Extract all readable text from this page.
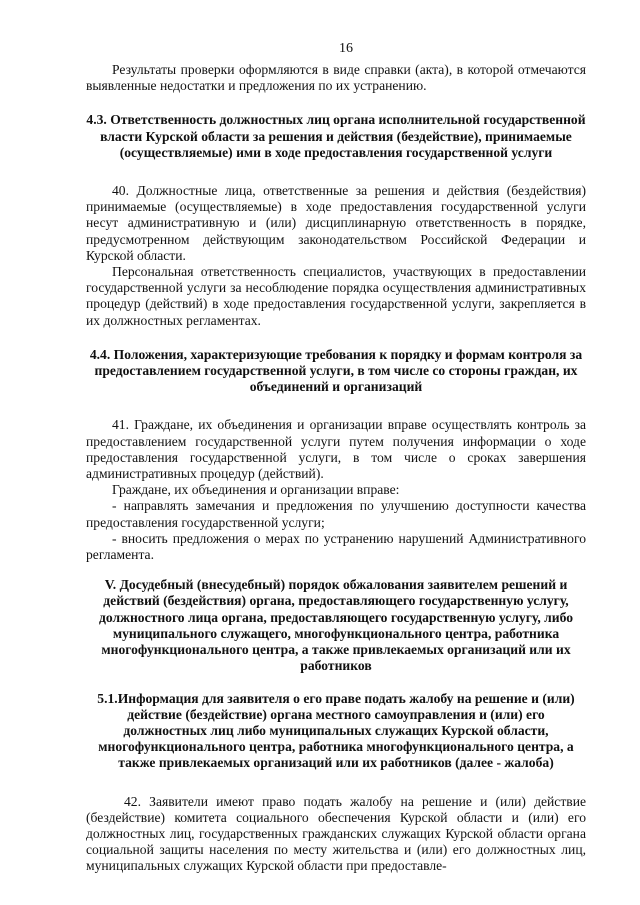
16

Результаты проверки оформляются в виде справки (акта), в которой отмечаются выявленные недостатки и предложения по их устранению.

4.3. Ответственность должностных лиц органа исполнительной государственной власти Курской области за решения и действия (бездействие), принимаемые (осуществляемые) ими в ходе предоставления государственной услуги

40. Должностные лица, ответственные за решения и действия (бездействия) принимаемые (осуществляемые) в ходе предоставления государственной услуги несут административную и (или) дисциплинарную ответственность в порядке, предусмотренном действующим законодательством Российской Федерации и Курской области.

Персональная ответственность специалистов, участвующих в предоставлении государственной услуги за несоблюдение порядка осуществления административных процедур (действий) в ходе предоставления государственной услуги, закрепляется в их должностных регламентах.

4.4. Положения, характеризующие требования к порядку и формам контроля за предоставлением государственной услуги, в том числе со стороны граждан, их объединений и организаций

41. Граждане, их объединения и организации вправе осуществлять контроль за предоставлением государственной услуги путем получения информации о ходе предоставления государственной услуги, в том числе о сроках завершения административных процедур (действий).

Граждане, их объединения и организации вправе:

- направлять замечания и предложения по улучшению доступности качества предоставления государственной услуги;

- вносить предложения о мерах по устранению нарушений Административного регламента.

V. Досудебный (внесудебный) порядок обжалования заявителем решений и действий (бездействия) органа, предоставляющего государственную услугу, должностного лица органа, предоставляющего государственную услугу, либо муниципального служащего, многофункционального центра, работника многофункционального центра, а также привлекаемых организаций или их работников
5.1.Информация для заявителя о его праве подать жалобу на решение и (или) действие (бездействие) органа местного самоуправления и (или) его должностных лиц либо муниципальных служащих Курской области, многофункционального центра, работника многофункционального центра, а также привлекаемых организаций или их работников (далее - жалоба)

42. Заявители имеют право подать жалобу на решение и (или) действие (бездействие) комитета социального обеспечения Курской области и (или) его должностных лиц, государственных гражданских служащих Курской области органа социальной защиты населения по месту жительства и (или) его должностных лиц, муниципальных служащих Курской области при предоставле-
